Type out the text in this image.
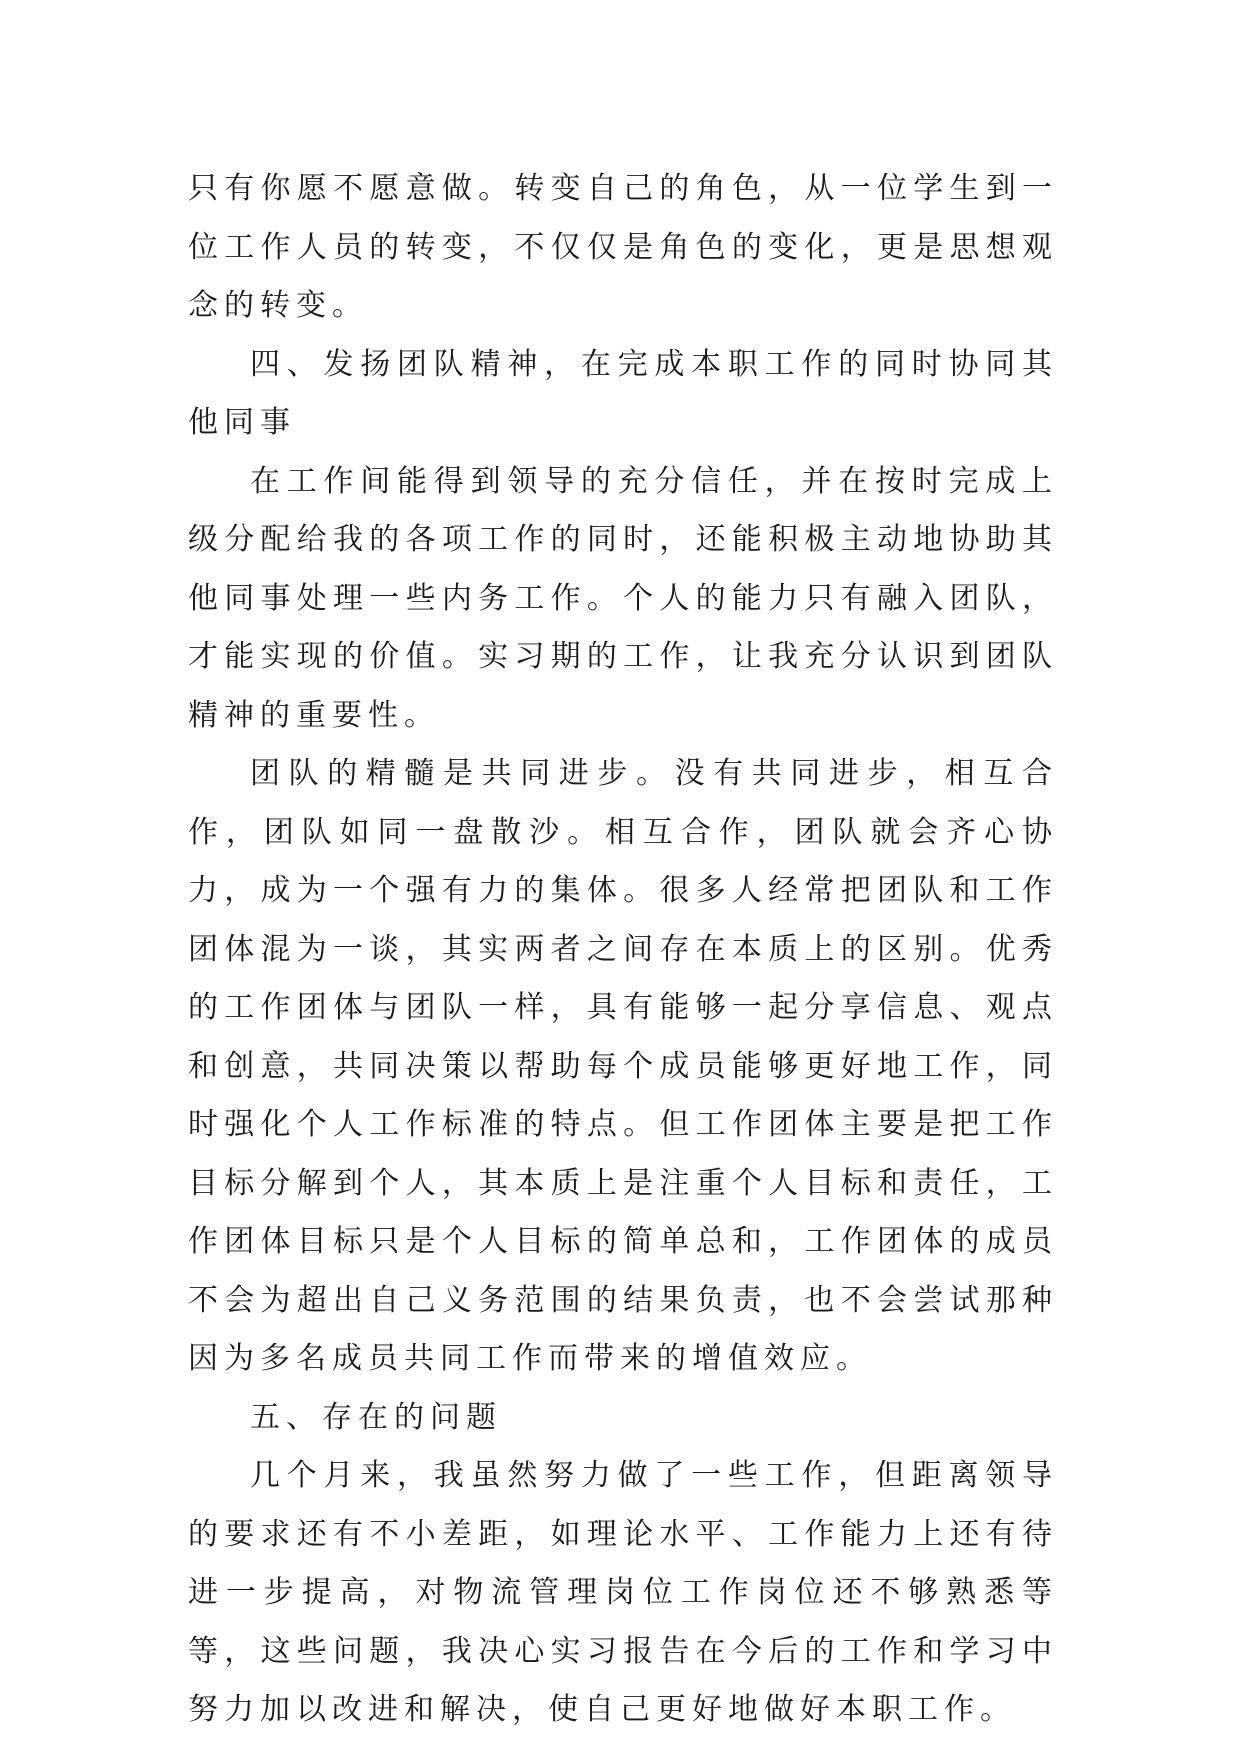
只有你愿不愿意做。转变自己的角色，从一位学生到一位工作人员的转变，不仅仅是角色的变化，更是思想观念的转变。

四、发扬团队精神，在完成本职工作的同时协同其他同事

在工作间能得到领导的充分信任，并在按时完成上级分配给我的各项工作的同时，还能积极主动地协助其他同事处理一些内务工作。个人的能力只有融入团队，才能实现的价值。实习期的工作，让我充分认识到团队精神的重要性。

团队的精髓是共同进步。没有共同进步，相互合作，团队如同一盘散沙。相互合作，团队就会齐心协力，成为一个强有力的集体。很多人经常把团队和工作团体混为一谈，其实两者之间存在本质上的区别。优秀的工作团体与团队一样，具有能够一起分享信息、观点和创意，共同决策以帮助每个成员能够更好地工作，同时强化个人工作标准的特点。但工作团体主要是把工作目标分解到个人，其本质上是注重个人目标和责任，工作团体目标只是个人目标的简单总和，工作团体的成员不会为超出自己义务范围的结果负责，也不会尝试那种因为多名成员共同工作而带来的增值效应。

五、存在的问题

几个月来，我虽然努力做了一些工作，但距离领导的要求还有不小差距，如理论水平、工作能力上还有待进一步提高，对物流管理岗位工作岗位还不够熟悉等等，这些问题，我决心实习报告在今后的工作和学习中努力加以改进和解决，使自己更好地做好本职工作。
